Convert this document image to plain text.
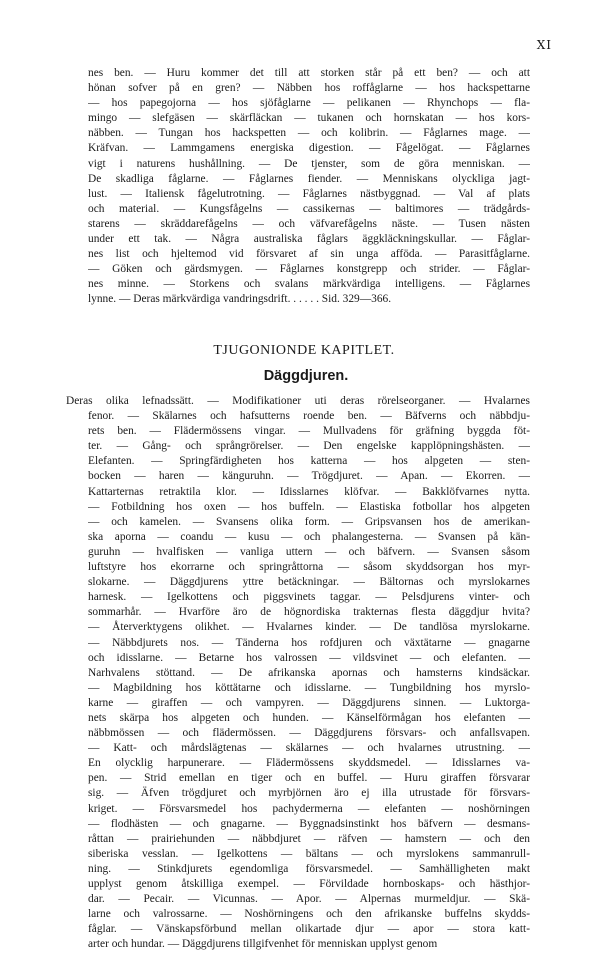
XI
nes ben. — Huru kommer det till att storken står på ett ben? — och att
hönan sofver på en gren? — Näbben hos roffåglarne — hos hackspettarne
— hos papegojorna — hos sjöfåglarne — pelikanen — Rhynchops — fla-
mingo — slefgäsen — skärfläckan — tukanen och hornskatan — hos kors-
näbben. — Tungan hos hackspetten — och kolibrin. — Fåglarnes mage. —
Kräfvan. — Lammgamens energiska digestion. — Fågelögat. — Fåglarnes
vigt i naturens hushållning. — De tjenster, som de göra menniskan. —
De skadliga fåglarne. — Fåglarnes fiender. — Menniskans olyckliga jagt-
lust. — Italiensk fågelutrotning. — Fåglarnes nästbyggnad. — Val af plats
och material. — Kungsfågelns — cassikernas — baltimores — trädgårds-
starens — skräddarefågelns — och väfvarefågelns näste. — Tusen nästen
under ett tak. — Några australiska fåglars äggkläckningskullar. — Fåglar-
nes list och hjeltemod vid försvaret af sin unga afföda. — Parasitfåglarne.
— Göken och gärdsmygen. — Fåglarnes konstgrepp och strider. — Fåglar-
nes minne. — Storkens och svalans märkvärdiga intelligens. — Fåglarnes
lynne. — Deras märkvärdiga vandringsdrift. . . . . . Sid. 329—366.
TJUGONIONDE KAPITLET.
Däggdjuren.
Deras olika lefnadssätt. — Modifikationer uti deras rörelseorganer. — Hvalarnes
fenor. — Skälarnes och hafsutterns roende ben. — Bäfverns och näbbdju-
rets ben. — Flädermössens vingar. — Mullvadens för gräfning byggda föt-
ter. — Gång- och språngrörelser. — Den engelske kapplöpningshästen. —
Elefanten. — Springfärdigheten hos katterna — hos alpgeten — sten-
bocken — haren — känguruhn. — Trögdjuret. — Apan. — Ekorren. —
Kattarternas retraktila klor. — Idisslarnes klöfvar. — Bakklöfvarnes nytta.
— Fotbildning hos oxen — hos buffeln. — Elastiska fotbollar hos alpgeten
— och kamelen. — Svansens olika form. — Gripsvansen hos de amerikan-
ska aporna — coandu — kusu — och phalangesterna. — Svansen på kän-
guruhn — hvalfisken — vanliga uttern — och bäfvern. — Svansen såsom
luftstyre hos ekorrarne och springråttorna — såsom skyddsorgan hos myr-
slokarne. — Däggdjurens yttre betäckningar. — Bältornas och myrslokarnes
harnesk. — Igelkottens och piggsvinets taggar. — Pelsdjurens vinter- och
sommarhår. — Hvarföre äro de högnordiska trakternas flesta däggdjur hvita?
— Återverktygens olikhet. — Hvalarnes kinder. — De tandlösa myrslokarne.
— Näbbdjurets nos. — Tänderna hos rofdjuren och växtätarne — gnagarne
och idisslarne. — Betarne hos valrossen — vildsvinet — och elefanten. —
Narhvalens stöttand. — De afrikanska apornas och hamsterns kindsäckar.
— Magbildning hos köttätarne och idisslarne. — Tungbildning hos myrslo-
karne — giraffen — och vampyren. — Däggdjurens sinnen. — Luktorga-
nets skärpa hos alpgeten och hunden. — Känselförmågan hos elefanten —
näbbmössen — och flädermössen. — Däggdjurens försvars- och anfallsvapen.
— Katt- och mårdslägtenas — skälarnes — och hvalarnes utrustning. —
En olycklig harpunerare. — Flädermössens skyddsmedel. — Idisslarnes va-
pen. — Strid emellan en tiger och en buffel. — Huru giraffen försvarar
sig. — Äfven trögdjuret och myrbjörnen äro ej illa utrustade för försvars-
kriget. — Försvarsmedel hos pachydermerna — elefanten — noshörningen
— flodhästen — och gnagarne. — Byggnadsinstinkt hos bäfvern — desmans-
råttan — prairiehunden — näbbdjuret — räfven — hamstern — och den
siberiska vesslan. — Igelkottens — bältans — och myrslokens sammanrull-
ning. — Stinkdjurets egendomliga försvarsmedel. — Samhälligheten makt
upplyst genom åtskilliga exempel. — Förvildade hornboskaps- och hästhjor-
dar. — Pecair. — Vicunnas. — Apor. — Alpernas murmeldjur. — Skä-
larne och valrossarne. — Noshörningens och den afrikanske buffelns skydds-
fåglar. — Vänskapsförbund mellan olikartade djur — apor — stora katt-
arter och hundar. — Däggdjurens tillgifvenhet för menniskan upplyst genom
